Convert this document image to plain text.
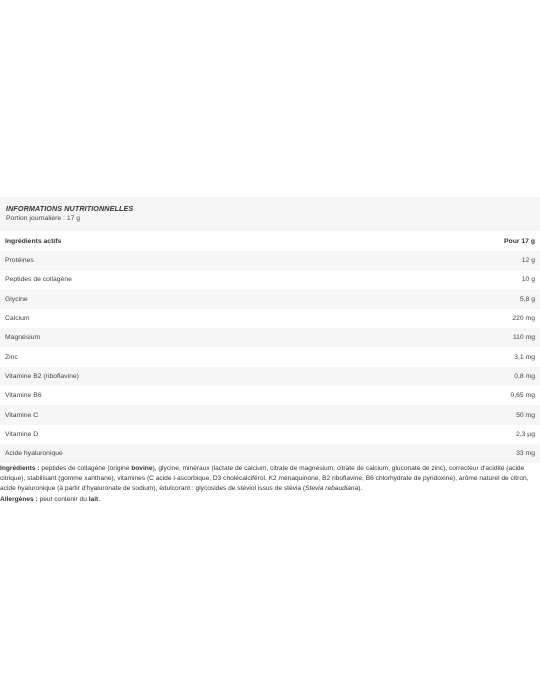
INFORMATIONS NUTRITIONNELLES
Portion journalière : 17 g
Ingrédients actifs	Pour 17 g
Protéines	12 g
Peptides de collagène	10 g
Glycine	5,8 g
Calcium	220 mg
Magnésium	110 mg
Zinc	3,1 mg
Vitamine B2 (riboflavine)	0,8 mg
Vitamine B6	0,65 mg
Vitamine C	50 mg
Vitamine D	2,3 µg
Acide hyaluronique	33 mg
Ingrédients : peptides de collagène (origine bovine), glycine, minéraux (lactate de calcium, citrate de magnésium, citrate de calcium, gluconate de zinc), correcteur d'acidité (acide citrique), stabilisant (gomme xanthane), vitamines (C acide l-ascorbique, D3 cholécalciférol, K2 ménaquinone, B2 riboflavine, B6 chlorhydrate de pyridoxine), arôme naturel de citron, acide hyaluronique (à partir d'hyaluronate de sodium), édulcorant : glycosides de stéviol issus de stévia (Stevia rebaudiana).
Allergènes : peut contenir du lait.
